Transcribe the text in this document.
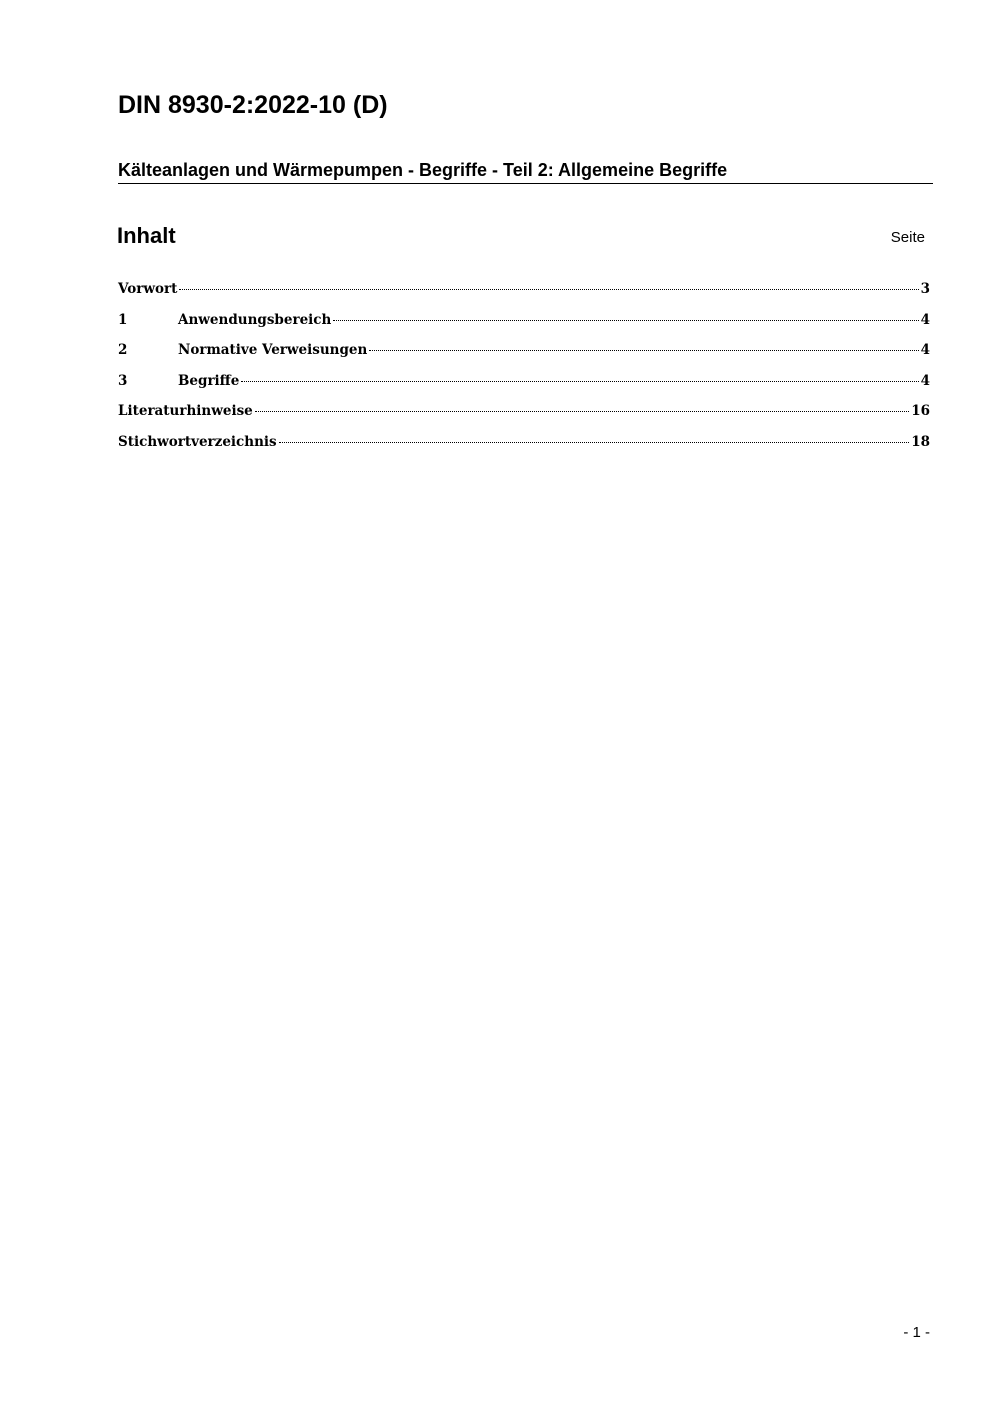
DIN 8930-2:2022-10 (D)
Kälteanlagen und Wärmepumpen - Begriffe - Teil 2: Allgemeine Begriffe
Inhalt	Seite
Vorwort	3
1	Anwendungsbereich	4
2	Normative Verweisungen	4
3	Begriffe	4
Literaturhinweise	16
Stichwortverzeichnis	18
- 1 -
